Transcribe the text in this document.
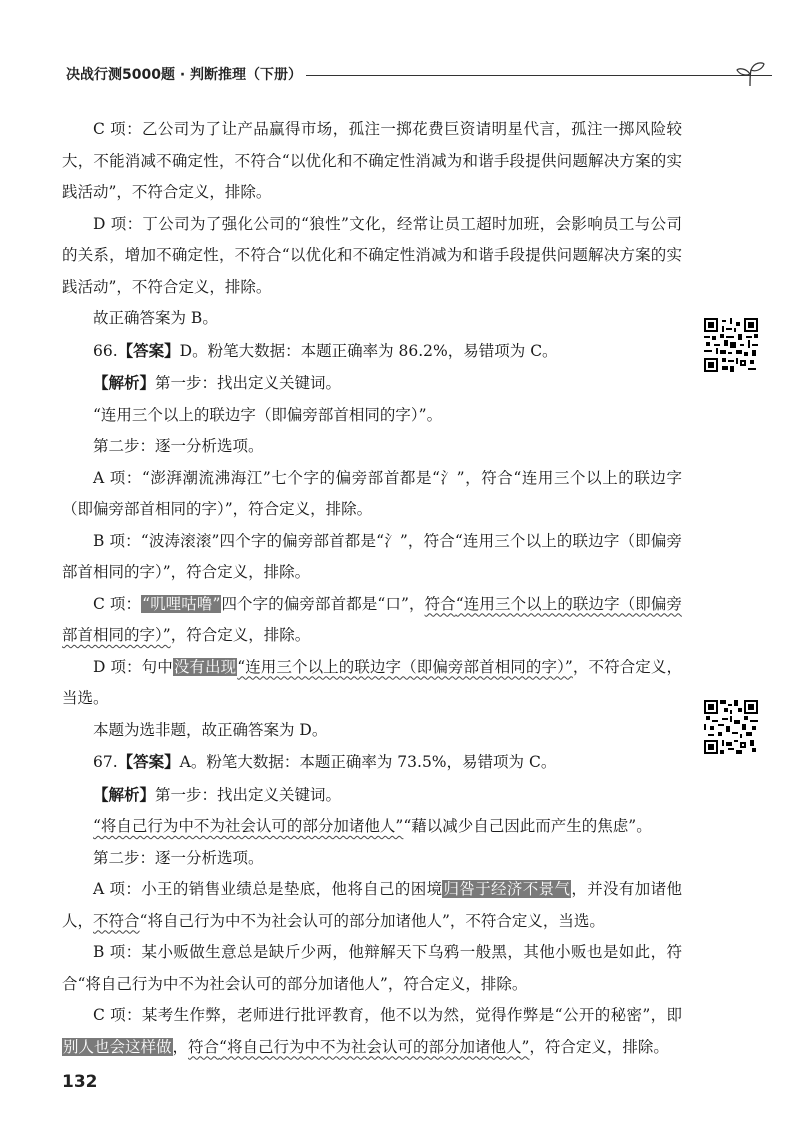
决战行测5000题 · 判断推理（下册）

C 项：乙公司为了让产品赢得市场，孤注一掷花费巨资请明星代言，孤注一掷风险较大，不能消减不确定性，不符合“以优化和不确定性消减为和谐手段提供问题解决方案的实践活动”，不符合定义，排除。

D 项：丁公司为了强化公司的“狼性”文化，经常让员工超时加班，会影响员工与公司的关系，增加不确定性，不符合“以优化和不确定性消减为和谐手段提供问题解决方案的实践活动”，不符合定义，排除。

故正确答案为 B。

66.【答案】D。粉笔大数据：本题正确率为 86.2%，易错项为 C。

【解析】第一步：找出定义关键词。

“连用三个以上的联边字（即偏旁部首相同的字）”。

第二步：逐一分析选项。

A 项：“澎湃潮流沸海江”七个字的偏旁部首都是“氵”，符合“连用三个以上的联边字（即偏旁部首相同的字）”，符合定义，排除。

B 项：“波涛滚滚”四个字的偏旁部首都是“氵”，符合“连用三个以上的联边字（即偏旁部首相同的字）”，符合定义，排除。

C 项：“叽哩咕噜”四个字的偏旁部首都是“口”，符合“连用三个以上的联边字（即偏旁部首相同的字）”，符合定义，排除。

D 项：句中没有出现“连用三个以上的联边字（即偏旁部首相同的字）”，不符合定义，当选。

本题为选非题，故正确答案为 D。

67.【答案】A。粉笔大数据：本题正确率为 73.5%，易错项为 C。

【解析】第一步：找出定义关键词。

“将自己行为中不为社会认可的部分加诸他人”“藉以减少自己因此而产生的焦虑”。

第二步：逐一分析选项。

A 项：小王的销售业绩总是垫底，他将自己的困境归咎于经济不景气，并没有加诸他人，不符合“将自己行为中不为社会认可的部分加诸他人”，不符合定义，当选。

B 项：某小贩做生意总是缺斤少两，他辩解天下乌鸦一般黑，其他小贩也是如此，符合“将自己行为中不为社会认可的部分加诸他人”，符合定义，排除。

C 项：某考生作弊，老师进行批评教育，他不以为然，觉得作弊是“公开的秘密”，即别人也会这样做，符合“将自己行为中不为社会认可的部分加诸他人”，符合定义，排除。

132
